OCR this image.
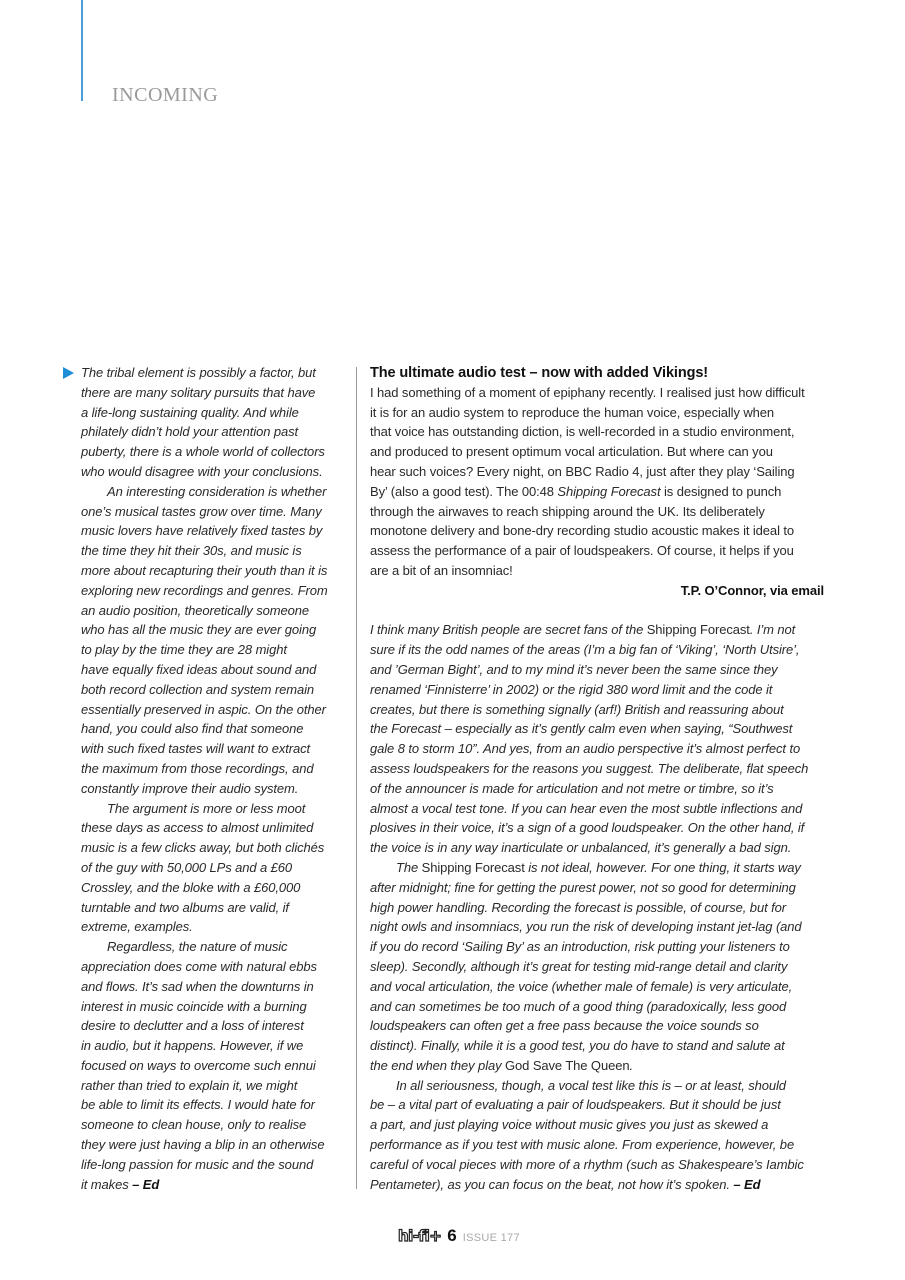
INCOMING
The tribal element is possibly a factor, but
there are many solitary pursuits that have
a life-long sustaining quality. And while
philately didn’t hold your attention past
puberty, there is a whole world of collectors
who would disagree with your conclusions.
An interesting consideration is whether
one’s musical tastes grow over time. Many
music lovers have relatively fixed tastes by
the time they hit their 30s, and music is
more about recapturing their youth than it is
exploring new recordings and genres. From
an audio position, theoretically someone
who has all the music they are ever going
to play by the time they are 28 might
have equally fixed ideas about sound and
both record collection and system remain
essentially preserved in aspic. On the other
hand, you could also find that someone
with such fixed tastes will want to extract
the maximum from those recordings, and
constantly improve their audio system.
The argument is more or less moot
these days as access to almost unlimited
music is a few clicks away, but both clichés
of the guy with 50,000 LPs and a £60
Crossley, and the bloke with a £60,000
turntable and two albums are valid, if
extreme, examples.
Regardless, the nature of music
appreciation does come with natural ebbs
and flows. It’s sad when the downturns in
interest in music coincide with a burning
desire to declutter and a loss of interest
in audio, but it happens. However, if we
focused on ways to overcome such ennui
rather than tried to explain it, we might
be able to limit its effects. I would hate for
someone to clean house, only to realise
they were just having a blip in an otherwise
life-long passion for music and the sound
it makes – Ed
The ultimate audio test – now with added Vikings!
I had something of a moment of epiphany recently. I realised just how difficult
it is for an audio system to reproduce the human voice, especially when
that voice has outstanding diction, is well-recorded in a studio environment,
and produced to present optimum vocal articulation. But where can you
hear such voices? Every night, on BBC Radio 4, just after they play ‘Sailing
By’ (also a good test). The 00:48 Shipping Forecast is designed to punch
through the airwaves to reach shipping around the UK. Its deliberately
monotone delivery and bone-dry recording studio acoustic makes it ideal to
assess the performance of a pair of loudspeakers. Of course, it helps if you
are a bit of an insomniac!
T.P. O’Connor, via email
I think many British people are secret fans of the Shipping Forecast. I’m not
sure if its the odd names of the areas (I’m a big fan of ‘Viking’, ‘North Utsire’,
and ’German Bight’, and to my mind it’s never been the same since they
renamed ‘Finnisterre’ in 2002) or the rigid 380 word limit and the code it
creates, but there is something signally (arf!) British and reassuring about
the Forecast – especially as it’s gently calm even when saying, “Southwest
gale 8 to storm 10”. And yes, from an audio perspective it’s almost perfect to
assess loudspeakers for the reasons you suggest. The deliberate, flat speech
of the announcer is made for articulation and not metre or timbre, so it’s
almost a vocal test tone. If you can hear even the most subtle inflections and
plosives in their voice, it’s a sign of a good loudspeaker. On the other hand, if
the voice is in any way inarticulate or unbalanced, it’s generally a bad sign.
The Shipping Forecast is not ideal, however. For one thing, it starts way
after midnight; fine for getting the purest power, not so good for determining
high power handling. Recording the forecast is possible, of course, but for
night owls and insomniacs, you run the risk of developing instant jet-lag (and
if you do record ‘Sailing By’ as an introduction, risk putting your listeners to
sleep). Secondly, although it’s great for testing mid-range detail and clarity
and vocal articulation, the voice (whether male of female) is very articulate,
and can sometimes be too much of a good thing (paradoxically, less good
loudspeakers can often get a free pass because the voice sounds so
distinct). Finally, while it is a good test, you do have to stand and salute at
the end when they play God Save The Queen.
In all seriousness, though, a vocal test like this is – or at least, should
be – a vital part of evaluating a pair of loudspeakers. But it should be just
a part, and just playing voice without music gives you just as skewed a
performance as if you test with music alone. From experience, however, be
careful of vocal pieces with more of a rhythm (such as Shakespeare’s Iambic
Pentameter), as you can focus on the beat, not how it’s spoken. – Ed
hi-fi+ 6 ISSUE 177
